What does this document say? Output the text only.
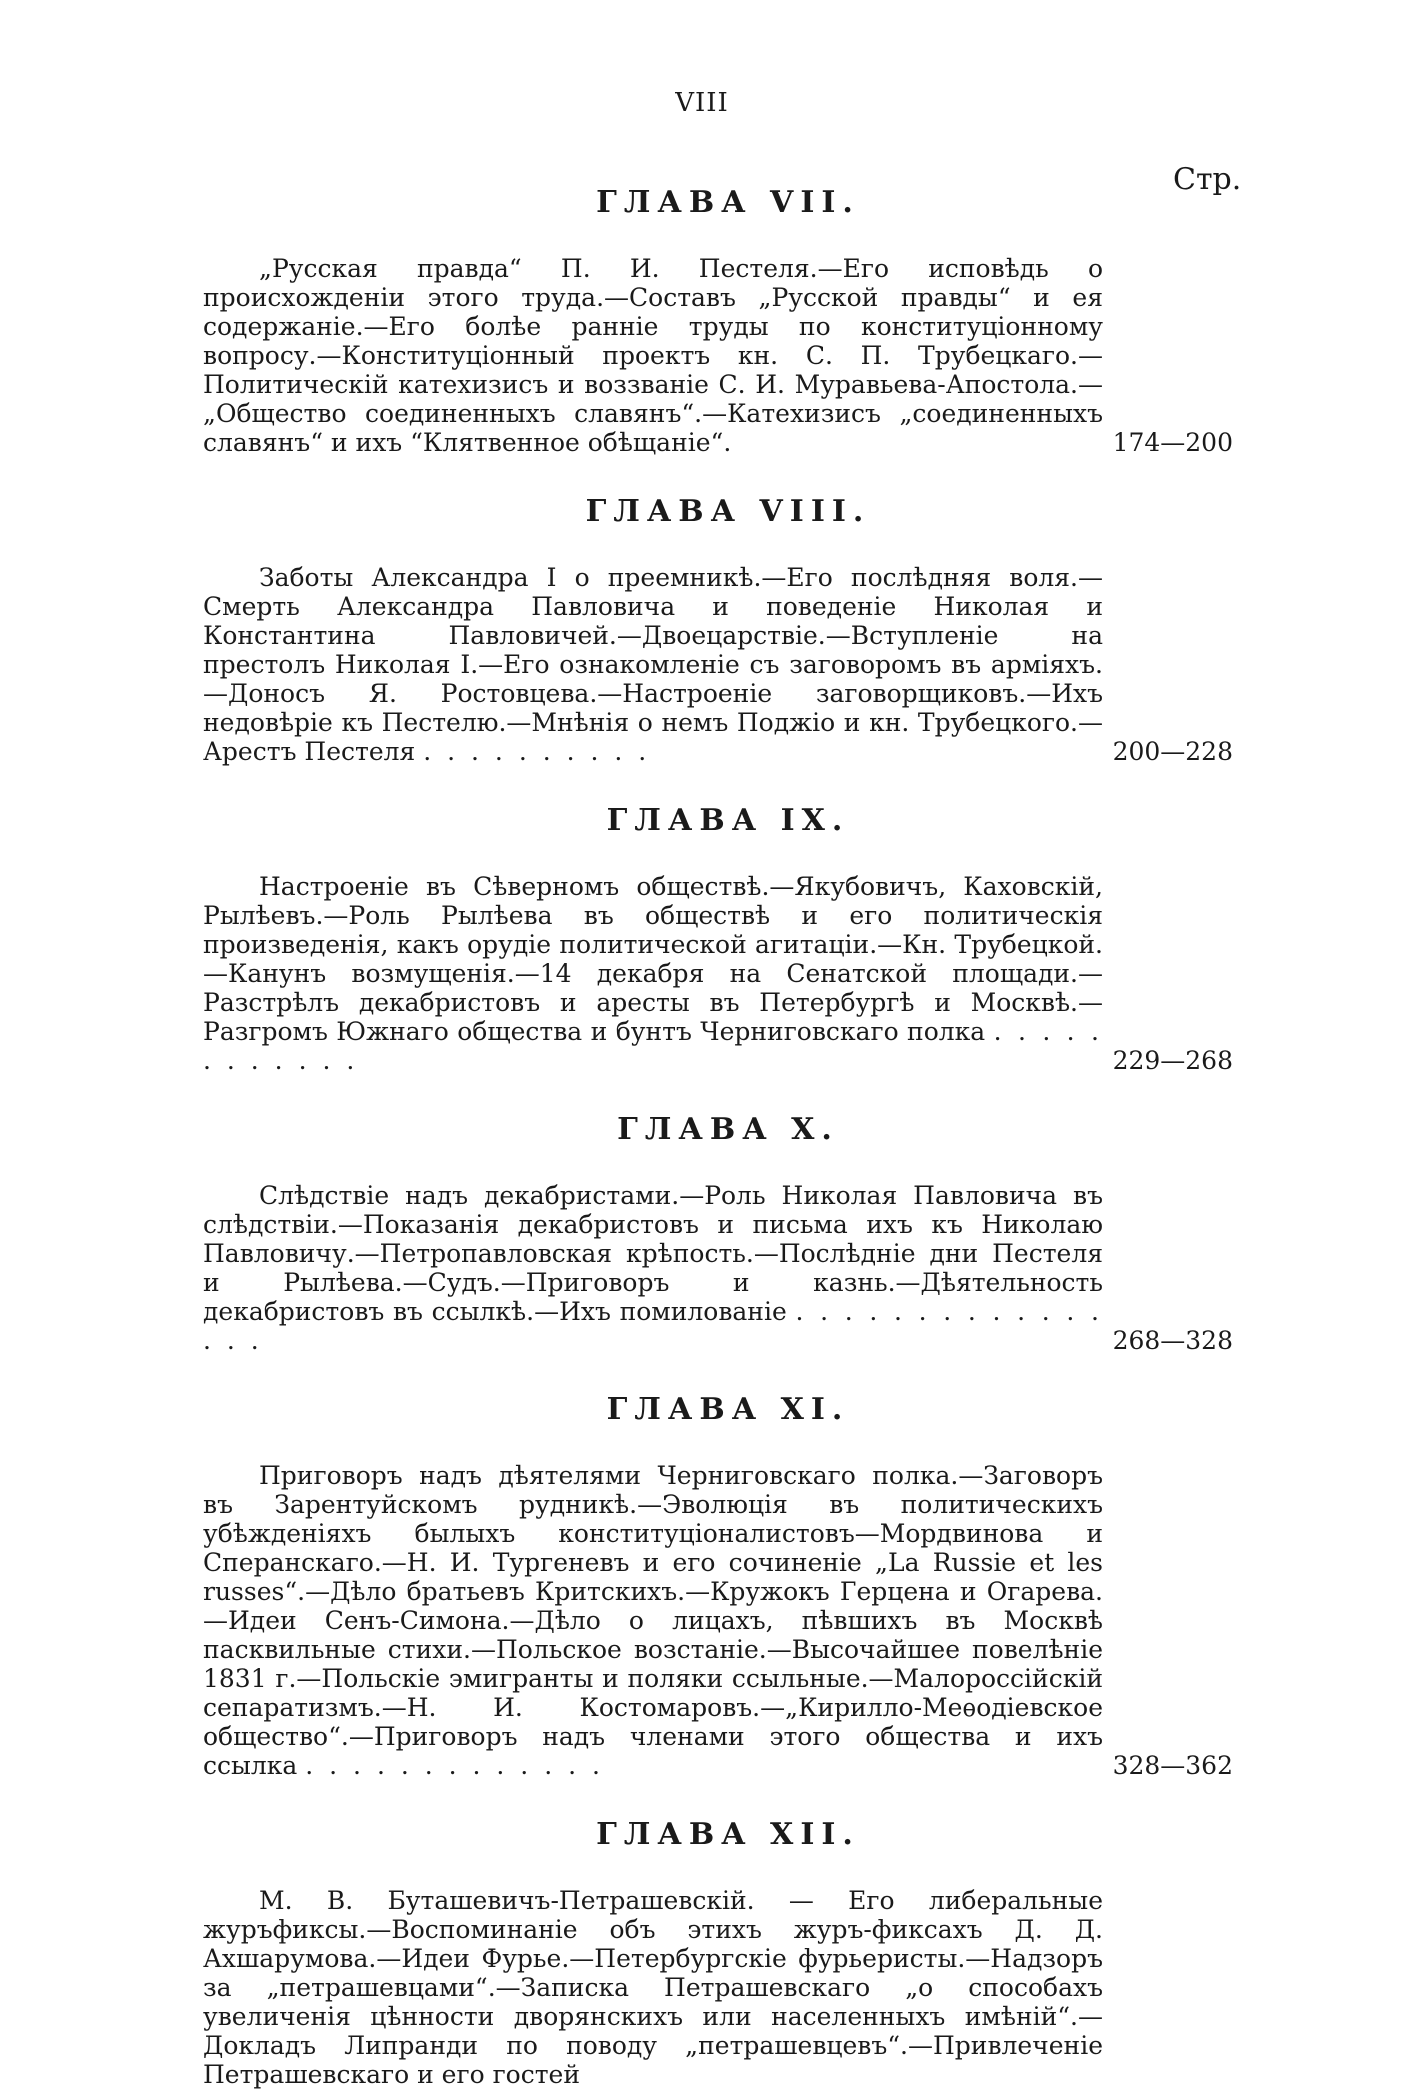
VIII
Стр.
ГЛАВА VII.

„Русская правда“ П. И. Пестеля.—Его исповѣдь о происхожденіи этого труда.—Составъ „Русской правды“ и ея содержаніе.—Его болѣе ранніе труды по конституціонному вопросу.—Конституціонный проектъ кн. С. П. Трубецкаго.—Политическій катехизисъ и воззваніе С. И. Муравьева-Апостола.—„Общество соединенныхъ славянъ“.—Катехизисъ „соединенныхъ славянъ“ и ихъ “Клятвенное обѣщаніе“.	174—200

ГЛАВА VIII.

Заботы Александра I о преемникѣ.—Его послѣдняя воля.—Смерть Александра Павловича и поведеніе Николая и Константина Павловичей.—Двоецарствіе.—Вступленіе на престолъ Николая I.—Его ознакомленіе съ заговоромъ въ арміяхъ.—Доносъ Я. Ростовцева.—Настроеніе заговорщиковъ.—Ихъ недовѣріе къ Пестелю.—Мнѣнія о немъ Поджіо и кн. Трубецкого.—Арестъ Пестеля . . . . . . . . . .	200—228

ГЛАВА IX.

Настроеніе въ Сѣверномъ обществѣ.—Якубовичъ, Каховскій, Рылѣевъ.—Роль Рылѣева въ обществѣ и его политическія произведенія, какъ орудіе политической агитаціи.—Кн. Трубецкой.—Канунъ возмущенія.—14 декабря на Сенатской площади.—Разстрѣлъ декабристовъ и аресты въ Петербургѣ и Москвѣ.—Разгромъ Южнаго общества и бунтъ Черниговскаго полка . . . . . . . . . . . .	229—268

ГЛАВА X.

Слѣдствіе надъ декабристами.—Роль Николая Павловича въ слѣдствіи.—Показанія декабристовъ и письма ихъ къ Николаю Павловичу.—Петропавловская крѣпость.—Послѣдніе дни Пестеля и Рылѣева.—Судъ.—Приговоръ и казнь.—Дѣятельность декабристовъ въ ссылкѣ.—Ихъ помилованіе . . . . . . . . . . . . . . . .	268—328

ГЛАВА XI.

Приговоръ надъ дѣятелями Черниговскаго полка.—Заговоръ въ Зарентуйскомъ рудникѣ.—Эволюція въ политическихъ убѣжденіяхъ былыхъ конституціоналистовъ—Мордвинова и Сперанскаго.—Н. И. Тургеневъ и его сочиненіе „La Russie et les russes“.—Дѣло братьевъ Критскихъ.—Кружокъ Герцена и Огарева.—Идеи Сенъ-Симона.—Дѣло о лицахъ, пѣвшихъ въ Москвѣ пасквильные стихи.—Польское возстаніе.—Высочайшее повелѣніе 1831 г.—Польскіе эмигранты и поляки ссыльные.—Малороссійскій сепаратизмъ.—Н. И. Костомаровъ.—„Кирилло-Меѳодіевское общество“.—Приговоръ надъ членами этого общества и ихъ ссылка . . . . . . . . . . . . .	328—362

ГЛАВА XII.

М. В. Буташевичъ-Петрашевскій. — Его либеральные журъфиксы.—Воспоминаніе объ этихъ журъ-фиксахъ Д. Д. Ахшарумова.—Идеи Фурье.—Петербургскіе фурьеристы.—Надзоръ за „петрашевцами“.—Записка Петрашевскаго „о способахъ увеличенія цѣнности дворянскихъ или населенныхъ имѣній“.—Докладъ Липранди по поводу „петрашевцевъ“.—Привлеченіе Петрашевскаго и его гостей
